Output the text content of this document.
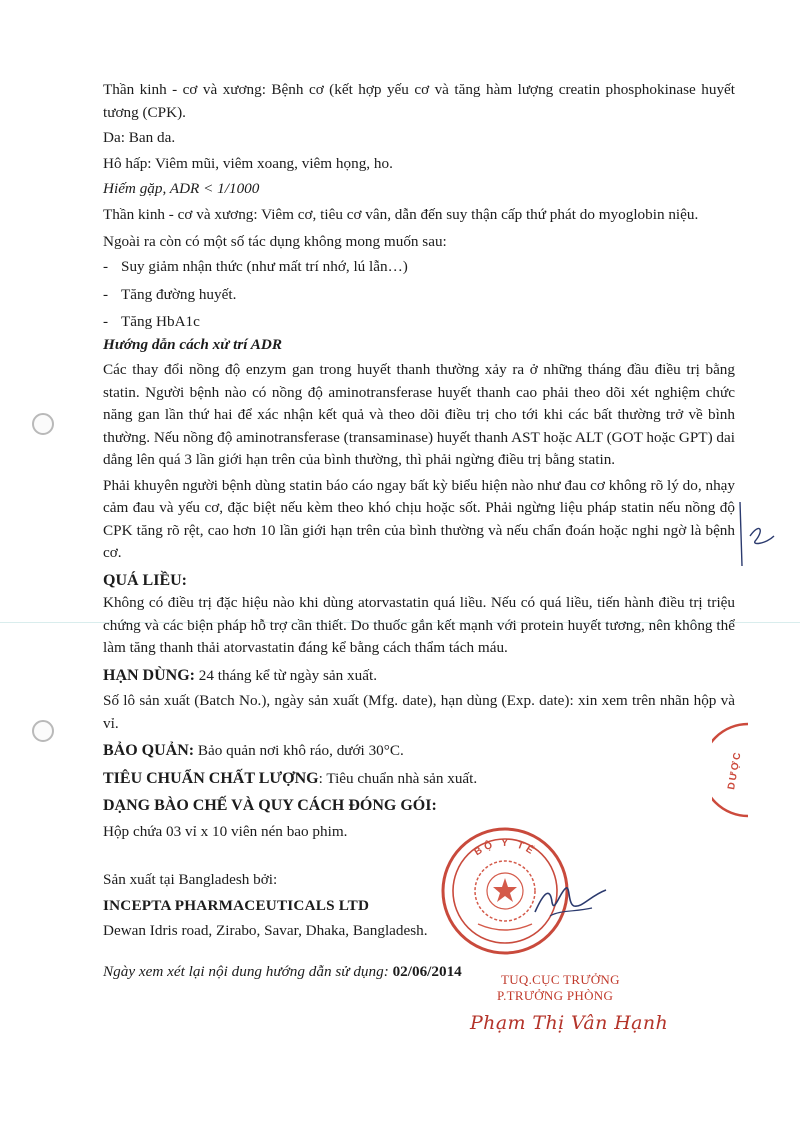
Thần kinh - cơ và xương: Bệnh cơ (kết hợp yếu cơ và tăng hàm lượng creatin phosphokinase huyết tương (CPK).

Da: Ban da.

Hô hấp: Viêm mũi, viêm xoang, viêm họng, ho.

Hiếm gặp, ADR < 1/1000

Thần kinh - cơ và xương: Viêm cơ, tiêu cơ vân, dẫn đến suy thận cấp thứ phát do myoglobin niệu.

Ngoài ra còn có một số tác dụng không mong muốn sau:

- Suy giảm nhận thức (như mất trí nhớ, lú lẫn…)
- Tăng đường huyết.
- Tăng HbA1c

Hướng dẫn cách xử trí ADR

Các thay đổi nồng độ enzym gan trong huyết thanh thường xảy ra ở những tháng đầu điều trị bằng statin. Người bệnh nào có nồng độ aminotransferase huyết thanh cao phải theo dõi xét nghiệm chức năng gan lần thứ hai để xác nhận kết quả và theo dõi điều trị cho tới khi các bất thường trở về bình thường. Nếu nồng độ aminotransferase (transaminase) huyết thanh AST hoặc ALT (GOT hoặc GPT) dai dẳng lên quá 3 lần giới hạn trên của bình thường, thì phải ngừng điều trị bằng statin.

Phải khuyên người bệnh dùng statin báo cáo ngay bất kỳ biểu hiện nào như đau cơ không rõ lý do, nhạy cảm đau và yếu cơ, đặc biệt nếu kèm theo khó chịu hoặc sốt. Phải ngừng liệu pháp statin nếu nồng độ CPK tăng rõ rệt, cao hơn 10 lần giới hạn trên của bình thường và nếu chẩn đoán hoặc nghi ngờ là bệnh cơ.

QUÁ LIỀU:

Không có điều trị đặc hiệu nào khi dùng atorvastatin quá liều. Nếu có quá liều, tiến hành điều trị triệu chứng và các biện pháp hỗ trợ cần thiết. Do thuốc gắn kết mạnh với protein huyết tương, nên không thể làm tăng thanh thải atorvastatin đáng kể bằng cách thẩm tách máu.

HẠN DÙNG: 24 tháng kể từ ngày sản xuất.

Số lô sản xuất (Batch No.), ngày sản xuất (Mfg. date), hạn dùng (Exp. date): xin xem trên nhãn hộp và vỉ.

BẢO QUẢN: Bảo quản nơi khô ráo, dưới 30°C.

TIÊU CHUẨN CHẤT LƯỢNG: Tiêu chuẩn nhà sản xuất.

DẠNG BÀO CHẾ VÀ QUY CÁCH ĐÓNG GÓI:

Hộp chứa 03 vỉ x 10 viên nén bao phim.

Sản xuất tại Bangladesh bởi:

INCEPTA PHARMACEUTICALS LTD

Dewan Idris road, Zirabo, Savar, Dhaka, Bangladesh.

Ngày xem xét lại nội dung hướng dẫn sử dụng: 02/06/2014

BỘ Y TẾ
DƯỢC
TUQ.CỤC TRƯỞNG
P.TRƯỞNG PHÒNG
Phạm Thị Vân Hạnh
